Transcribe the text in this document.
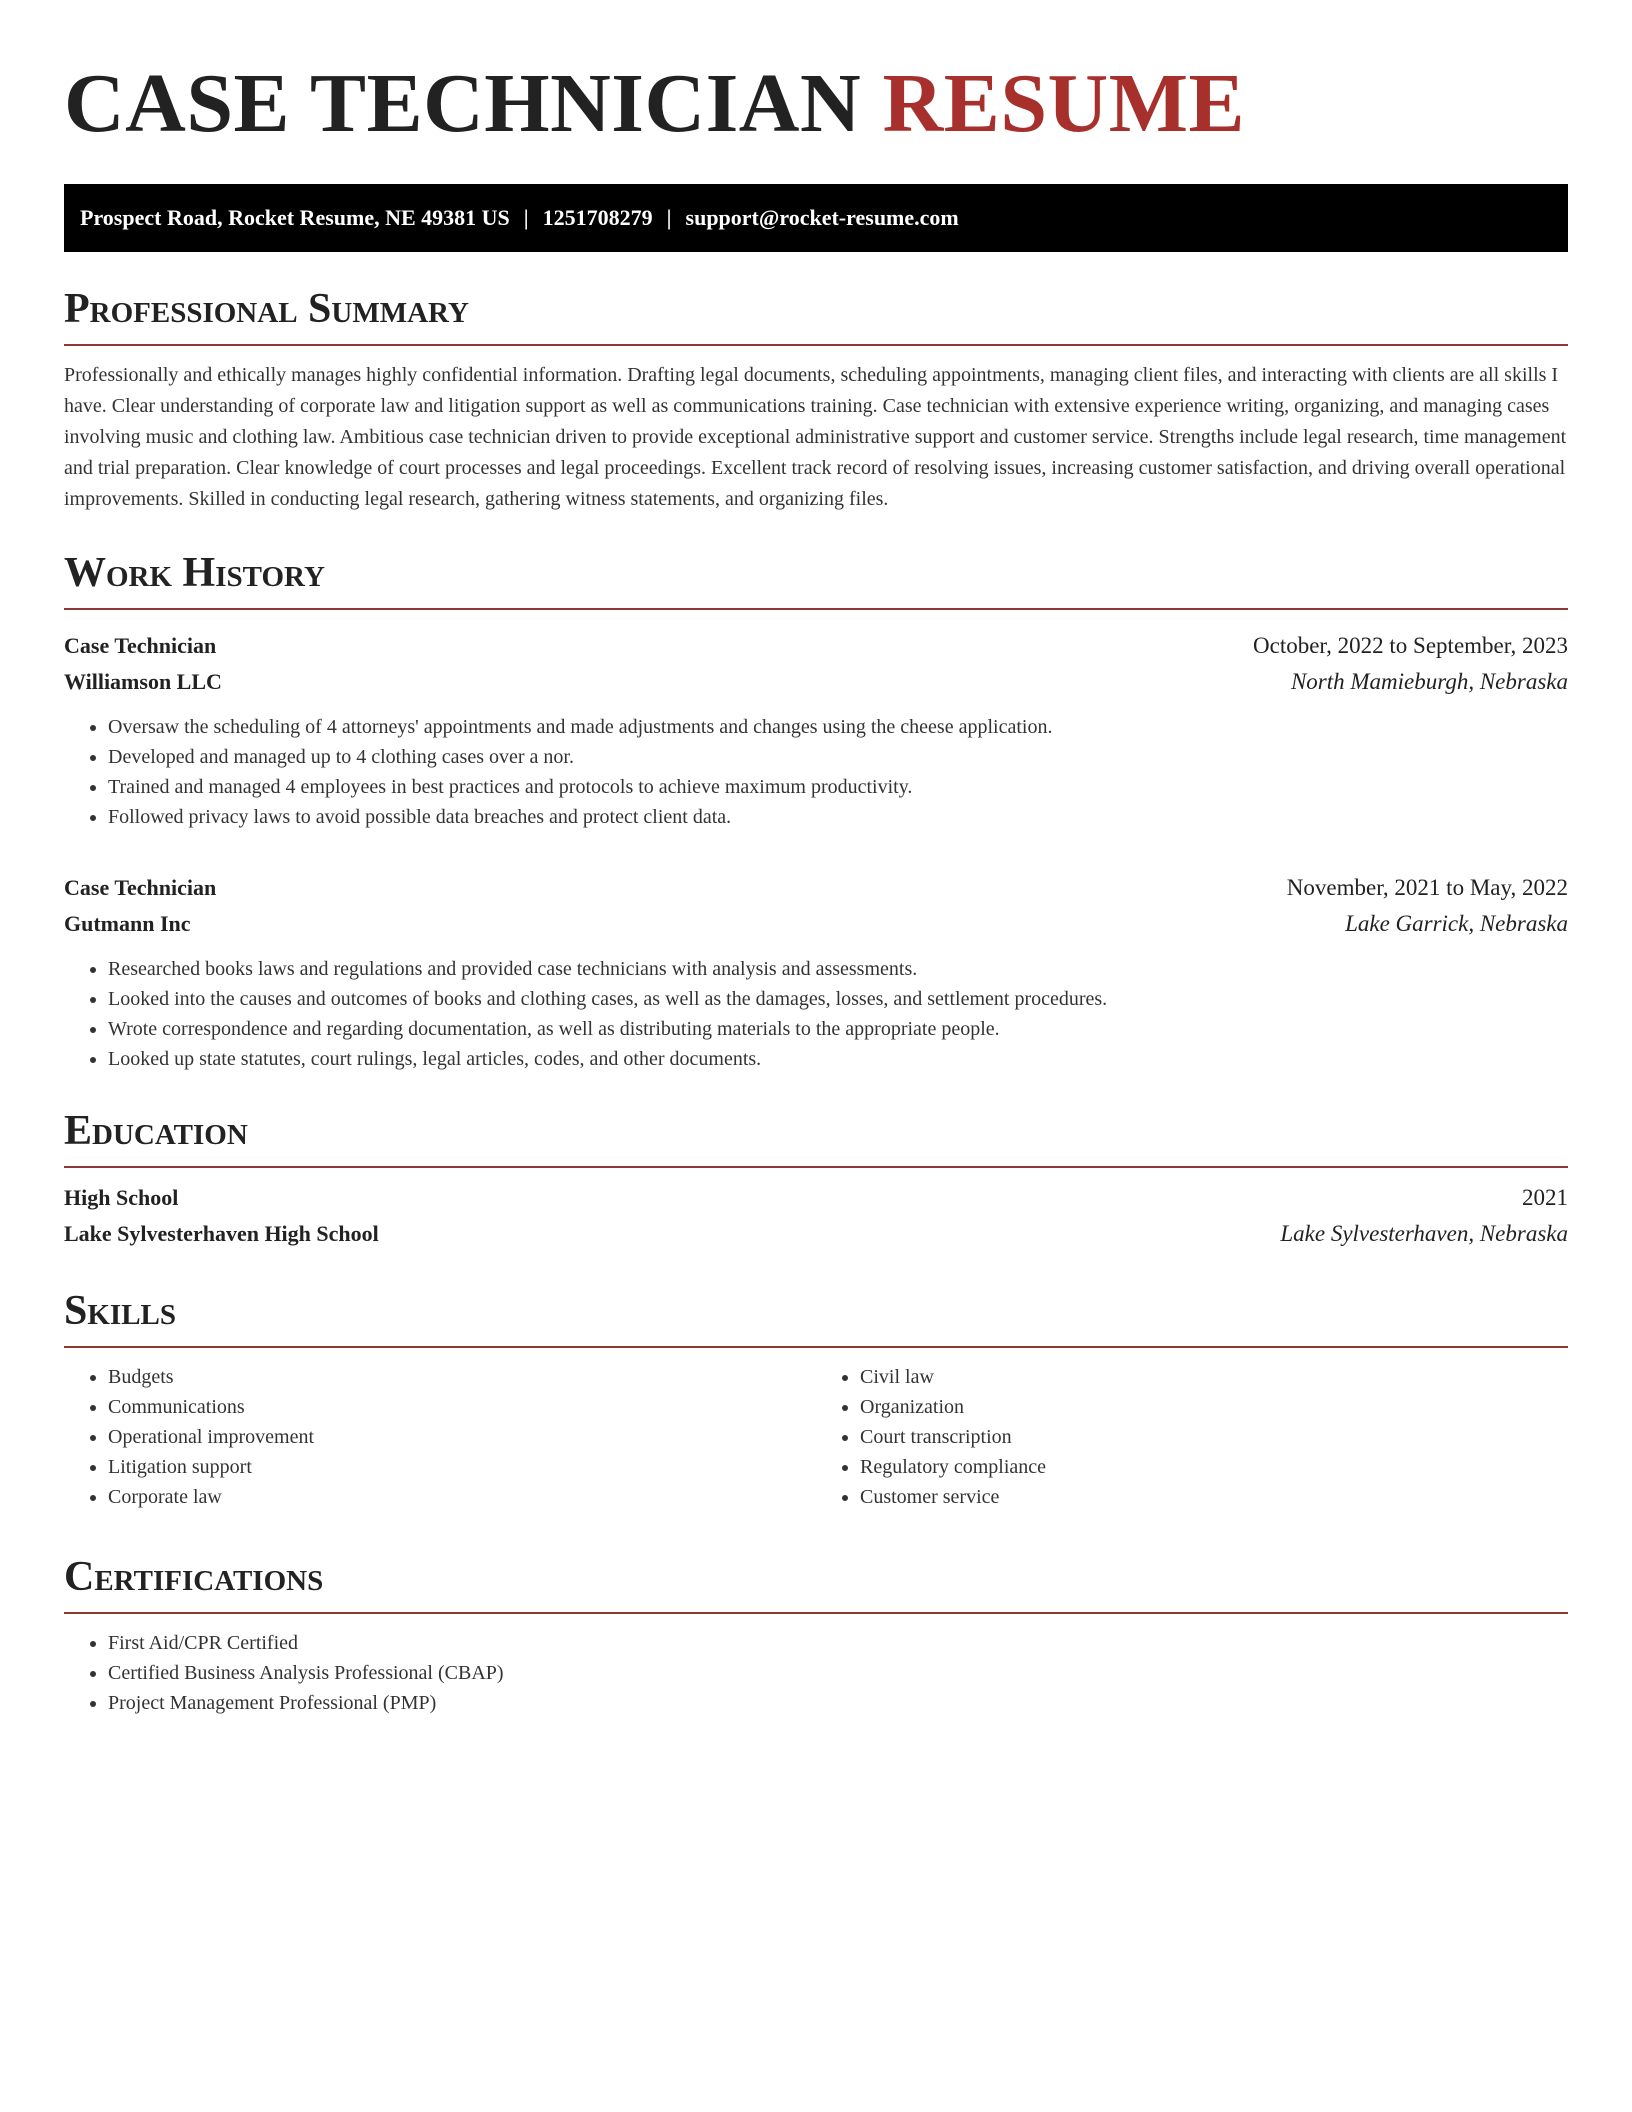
CASE TECHNICIAN RESUME
Prospect Road, Rocket Resume, NE 49381 US | 1251708279 | support@rocket-resume.com
Professional Summary

Professionally and ethically manages highly confidential information. Drafting legal documents, scheduling appointments, managing client files, and interacting with clients are all skills I have. Clear understanding of corporate law and litigation support as well as communications training. Case technician with extensive experience writing, organizing, and managing cases involving music and clothing law. Ambitious case technician driven to provide exceptional administrative support and customer service. Strengths include legal research, time management and trial preparation. Clear knowledge of court processes and legal proceedings. Excellent track record of resolving issues, increasing customer satisfaction, and driving overall operational improvements. Skilled in conducting legal research, gathering witness statements, and organizing files.

Work History
Case Technician	October, 2022 to September, 2023
Williamson LLC	North Mamieburgh, Nebraska
• Oversaw the scheduling of 4 attorneys' appointments and made adjustments and changes using the cheese application.
• Developed and managed up to 4 clothing cases over a nor.
• Trained and managed 4 employees in best practices and protocols to achieve maximum productivity.
• Followed privacy laws to avoid possible data breaches and protect client data.
Case Technician	November, 2021 to May, 2022
Gutmann Inc	Lake Garrick, Nebraska
• Researched books laws and regulations and provided case technicians with analysis and assessments.
• Looked into the causes and outcomes of books and clothing cases, as well as the damages, losses, and settlement procedures.
• Wrote correspondence and regarding documentation, as well as distributing materials to the appropriate people.
• Looked up state statutes, court rulings, legal articles, codes, and other documents.
Education
High School	2021
Lake Sylvesterhaven High School	Lake Sylvesterhaven, Nebraska
Skills
• Budgets
• Communications
• Operational improvement
• Litigation support
• Corporate law
• Civil law
• Organization
• Court transcription
• Regulatory compliance
• Customer service
Certifications
• First Aid/CPR Certified
• Certified Business Analysis Professional (CBAP)
• Project Management Professional (PMP)
